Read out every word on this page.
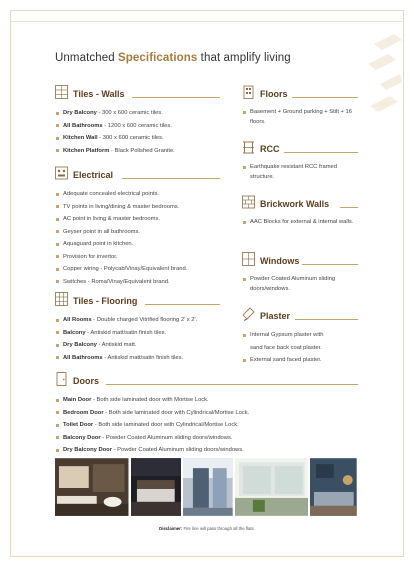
Unmatched Specifications that amplify living
Tiles - Walls
Dry Balcony - 300 x 600 ceramic tiles.
All Bathrooms - 1200 x 600 ceramic tiles.
Kitchen Wall - 300 x 600 ceramic tiles.
Kitchen Platform - Black Polished Granite.
Electrical
Adequate concealed electrical points.
TV points in living/dining & master bedrooms.
AC point in living & master bedrooms.
Geyser point in all bathrooms.
Aquaguard point in kitchen.
Provision for invertor.
Copper wiring - Polycab/Vinay/Equivalent brand.
Switches - Roma/Vinay/Equivalent brand.
Tiles - Flooring
All Rooms - Double charged Vitrified flooring 2' x 2'.
Balcony - Antiskid matt/satin finish tiles.
Dry Balcony - Antiskid matt.
All Bathrooms - Antiskid matt/satin finish tiles.
Floors
Basement + Ground parking + Stilt + 16 floors.
RCC
Earthquake resistant RCC framed structure.
Brickwork Walls
AAC Blocks for external & internal walls.
Windows
Powder Coated Aluminum sliding doors/windows.
Plaster
Internal Gypsum plaster with
sand face back coat plaster.
External sand faced plaster.
Doors
Main Door - Both side laminated door with Mortise Lock.
Bedroom Door - Both side laminated door with Cylindrical/Mortise Lock.
Toilet Door - Both side laminated door with Cylindrical/Mortise Lock.
Balcony Door - Powder Coated Aluminum sliding doors/windows.
Dry Balcony Door - Powder Coated Aluminum sliding doors/windows.
Disclaimer: Fire line will pass through all the flats.
